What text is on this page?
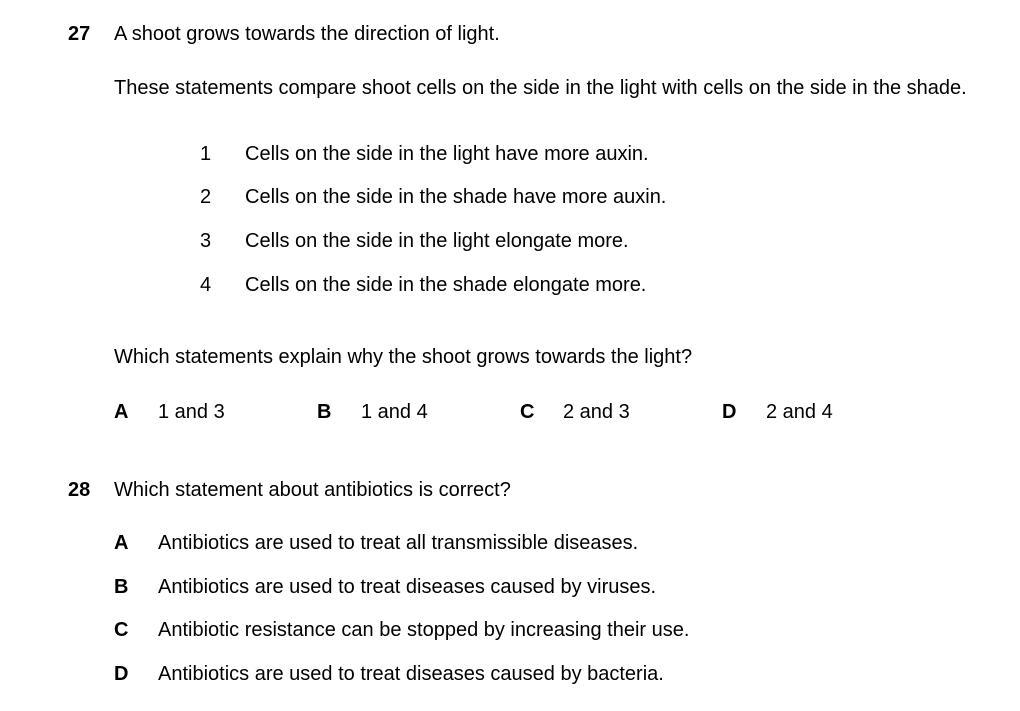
27 A shoot grows towards the direction of light.
These statements compare shoot cells on the side in the light with cells on the side in the shade.
1 Cells on the side in the light have more auxin.
2 Cells on the side in the shade have more auxin.
3 Cells on the side in the light elongate more.
4 Cells on the side in the shade elongate more.
Which statements explain why the shoot grows towards the light?
A 1 and 3	B 1 and 4	C 2 and 3	D 2 and 4
28 Which statement about antibiotics is correct?
A Antibiotics are used to treat all transmissible diseases.
B Antibiotics are used to treat diseases caused by viruses.
C Antibiotic resistance can be stopped by increasing their use.
D Antibiotics are used to treat diseases caused by bacteria.
